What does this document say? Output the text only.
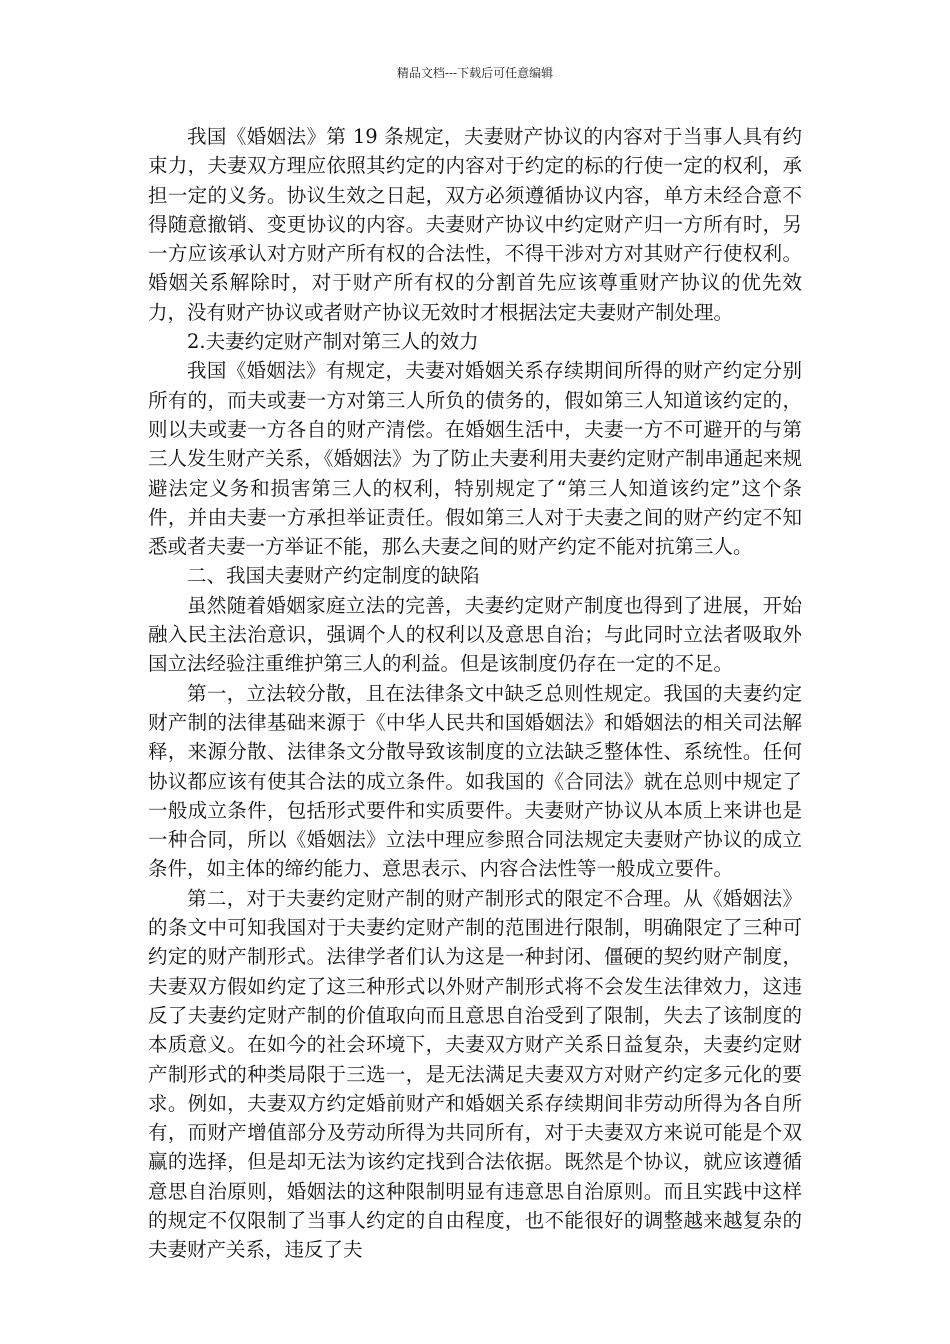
精品文档---下载后可任意编辑

我国《婚姻法》第 19 条规定，夫妻财产协议的内容对于当事人具有约束力，夫妻双方理应依照其约定的内容对于约定的标的行使一定的权利，承担一定的义务。协议生效之日起，双方必须遵循协议内容，单方未经合意不得随意撤销、变更协议的内容。夫妻财产协议中约定财产归一方所有时，另一方应该承认对方财产所有权的合法性，不得干涉对方对其财产行使权利。婚姻关系解除时，对于财产所有权的分割首先应该尊重财产协议的优先效力，没有财产协议或者财产协议无效时才根据法定夫妻财产制处理。

2.夫妻约定财产制对第三人的效力

我国《婚姻法》有规定，夫妻对婚姻关系存续期间所得的财产约定分别所有的，而夫或妻一方对第三人所负的债务的，假如第三人知道该约定的，则以夫或妻一方各自的财产清偿。在婚姻生活中，夫妻一方不可避开的与第三人发生财产关系，《婚姻法》为了防止夫妻利用夫妻约定财产制串通起来规避法定义务和损害第三人的权利，特别规定了“第三人知道该约定”这个条件，并由夫妻一方承担举证责任。假如第三人对于夫妻之间的财产约定不知悉或者夫妻一方举证不能，那么夫妻之间的财产约定不能对抗第三人。

二、我国夫妻财产约定制度的缺陷

虽然随着婚姻家庭立法的完善，夫妻约定财产制度也得到了进展，开始融入民主法治意识，强调个人的权利以及意思自治；与此同时立法者吸取外国立法经验注重维护第三人的利益。但是该制度仍存在一定的不足。

第一，立法较分散，且在法律条文中缺乏总则性规定。我国的夫妻约定财产制的法律基础来源于《中华人民共和国婚姻法》和婚姻法的相关司法解释，来源分散、法律条文分散导致该制度的立法缺乏整体性、系统性。任何协议都应该有使其合法的成立条件。如我国的《合同法》就在总则中规定了一般成立条件，包括形式要件和实质要件。夫妻财产协议从本质上来讲也是一种合同，所以《婚姻法》立法中理应参照合同法规定夫妻财产协议的成立条件，如主体的缔约能力、意思表示、内容合法性等一般成立要件。

第二，对于夫妻约定财产制的财产制形式的限定不合理。从《婚姻法》的条文中可知我国对于夫妻约定财产制的范围进行限制，明确限定了三种可约定的财产制形式。法律学者们认为这是一种封闭、僵硬的契约财产制度，夫妻双方假如约定了这三种形式以外财产制形式将不会发生法律效力，这违反了夫妻约定财产制的价值取向而且意思自治受到了限制，失去了该制度的本质意义。在如今的社会环境下，夫妻双方财产关系日益复杂，夫妻约定财产制形式的种类局限于三选一，是无法满足夫妻双方对财产约定多元化的要求。例如，夫妻双方约定婚前财产和婚姻关系存续期间非劳动所得为各自所有，而财产增值部分及劳动所得为共同所有，对于夫妻双方来说可能是个双赢的选择，但是却无法为该约定找到合法依据。既然是个协议，就应该遵循意思自治原则，婚姻法的这种限制明显有违意思自治原则。而且实践中这样的规定不仅限制了当事人约定的自由程度，也不能很好的调整越来越复杂的夫妻财产关系，违反了夫
